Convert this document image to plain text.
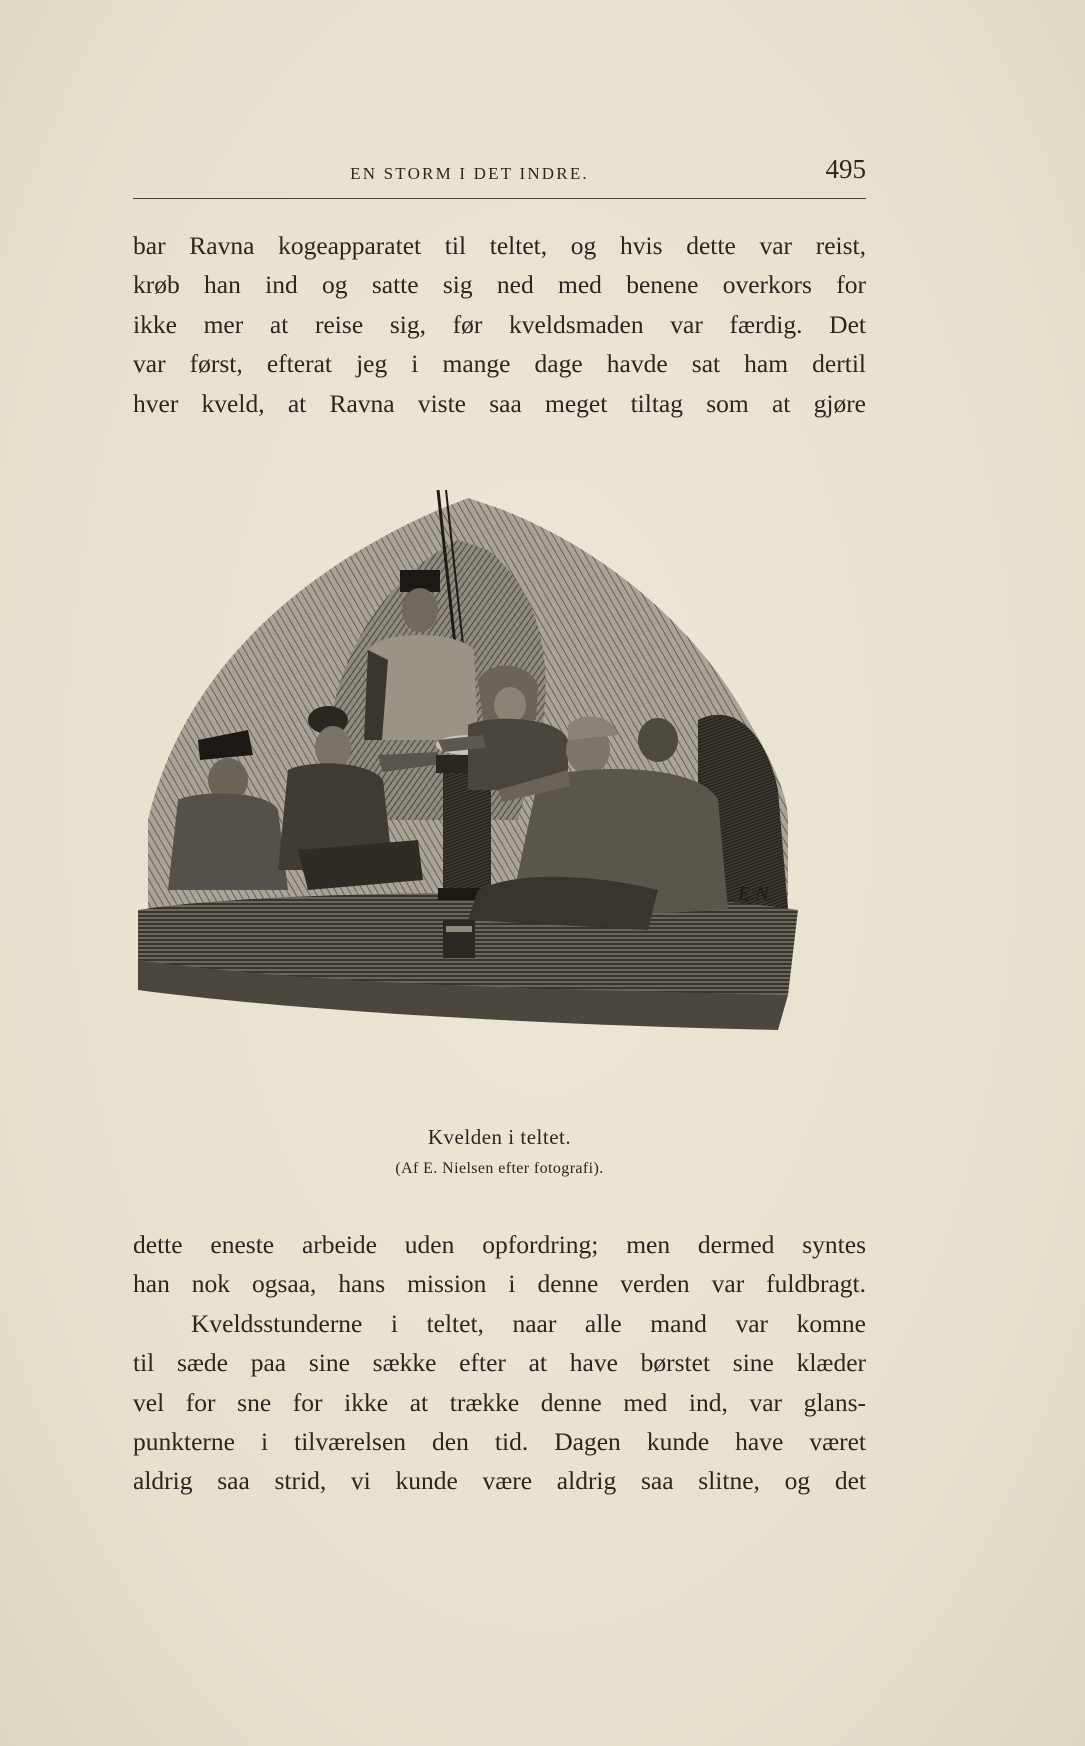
EN STORM I DET INDRE.	495
bar Ravna kogeapparatet til teltet, og hvis dette var reist,
krøb han ind og satte sig ned med benene overkors for
ikke mer at reise sig, før kveldsmaden var færdig. Det
var først, efterat jeg i mange dage havde sat ham dertil
hver kveld, at Ravna viste saa meget tiltag som at gjøre
E.N.
Kvelden i teltet.
(Af E. Nielsen efter fotografi).
dette eneste arbeide uden opfordring; men dermed syntes
han nok ogsaa, hans mission i denne verden var fuldbragt.
Kveldsstunderne i teltet, naar alle mand var komne
til sæde paa sine sække efter at have børstet sine klæder
vel for sne for ikke at trække denne med ind, var glans-
punkterne i tilværelsen den tid. Dagen kunde have været
aldrig saa strid, vi kunde være aldrig saa slitne, og det
